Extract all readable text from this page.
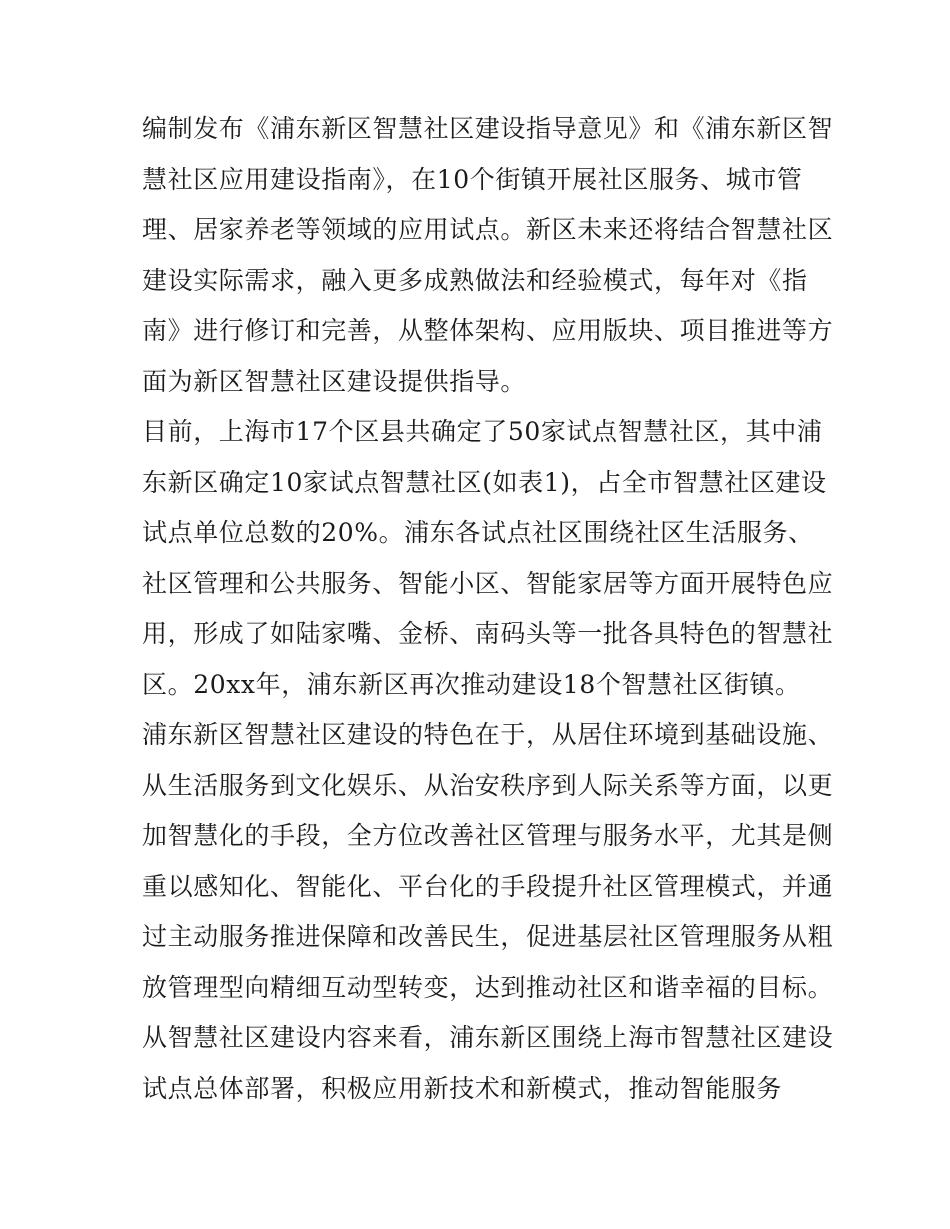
编制发布《浦东新区智慧社区建设指导意见》和《浦东新区智
慧社区应用建设指南》，在10个街镇开展社区服务、城市管
理、居家养老等领域的应用试点。新区未来还将结合智慧社区
建设实际需求，融入更多成熟做法和经验模式，每年对《指
南》进行修订和完善，从整体架构、应用版块、项目推进等方
面为新区智慧社区建设提供指导。
目前，上海市17个区县共确定了50家试点智慧社区，其中浦
东新区确定10家试点智慧社区(如表1)，占全市智慧社区建设
试点单位总数的20%。浦东各试点社区围绕社区生活服务、
社区管理和公共服务、智能小区、智能家居等方面开展特色应
用，形成了如陆家嘴、金桥、南码头等一批各具特色的智慧社
区。20xx年，浦东新区再次推动建设18个智慧社区街镇。
浦东新区智慧社区建设的特色在于，从居住环境到基础设施、
从生活服务到文化娱乐、从治安秩序到人际关系等方面，以更
加智慧化的手段，全方位改善社区管理与服务水平，尤其是侧
重以感知化、智能化、平台化的手段提升社区管理模式，并通
过主动服务推进保障和改善民生，促进基层社区管理服务从粗
放管理型向精细互动型转变，达到推动社区和谐幸福的目标。
从智慧社区建设内容来看，浦东新区围绕上海市智慧社区建设
试点总体部署，积极应用新技术和新模式，推动智能服务
